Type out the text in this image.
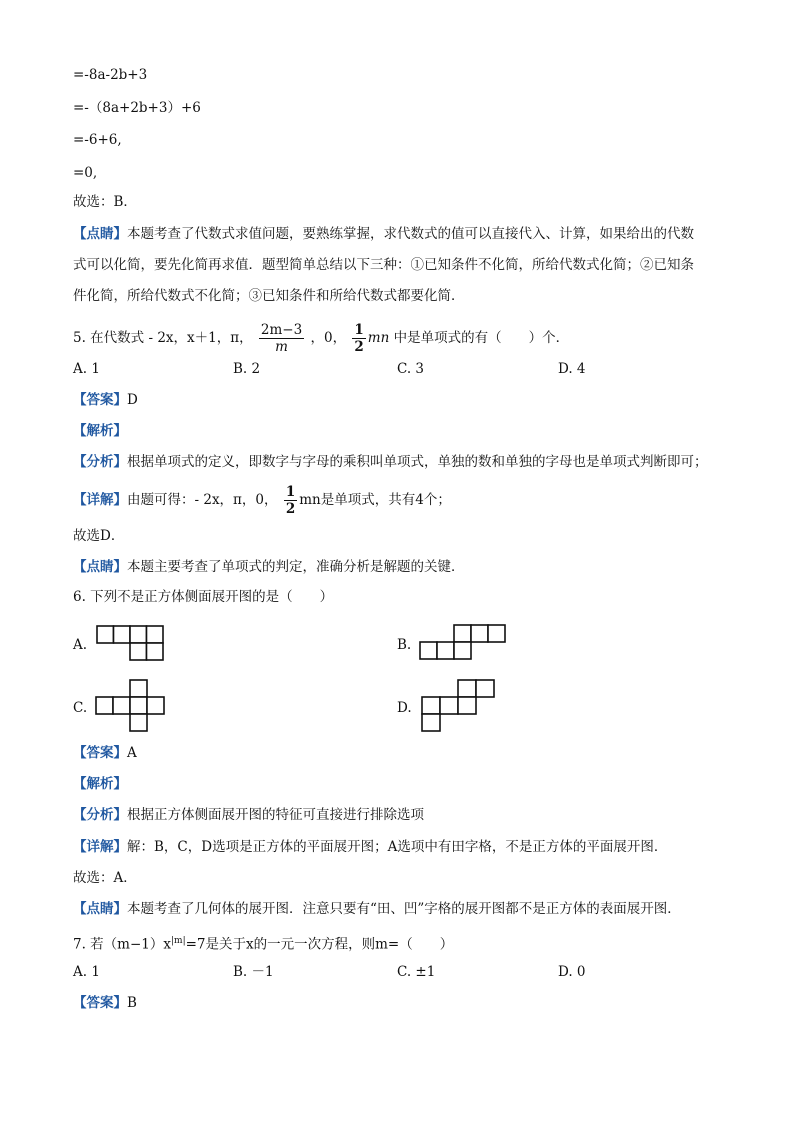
=-8a-2b+3
=-（8a+2b+3）+6
=-6+6,
=0,
故选：B．
【点睛】本题考查了代数式求值问题，要熟练掌握，求代数式的值可以直接代入、计算，如果给出的代数
式可以化简，要先化简再求值．题型简单总结以下三种：①已知条件不化简，所给代数式化简；②已知条
件化简，所给代数式不化简；③已知条件和所给代数式都要化简．
5. 在代数式 - 2x，x＋1，π， $\frac{2m-3}{m}$ ，0， $\frac{1}{2}$ mn 中是单项式的有（　　）个．
A. 1	B. 2	C. 3	D. 4
【答案】D
【解析】
【分析】根据单项式的定义，即数字与字母的乘积叫单项式，单独的数和单独的字母也是单项式判断即可；
【详解】由题可得：- 2x，π，0， $\frac{1}{2}$ mn是单项式，共有4个；
故选D．
【点睛】本题主要考查了单项式的判定，准确分析是解题的关键．
6. 下列不是正方体侧面展开图的是（　　）
A.	B.
C.	D.
【答案】A
【解析】
【分析】根据正方体侧面展开图的特征可直接进行排除选项
【详解】解：B，C，D选项是正方体的平面展开图；A选项中有田字格，不是正方体的平面展开图．
故选：A．
【点睛】本题考查了几何体的展开图．注意只要有“田、凹”字格的展开图都不是正方体的表面展开图．
7. 若$(m-1)x^{|m|}=7$是关于x的一元一次方程，则m=（　　）
A. 1	B. －1	C. ±1	D. 0
【答案】B
